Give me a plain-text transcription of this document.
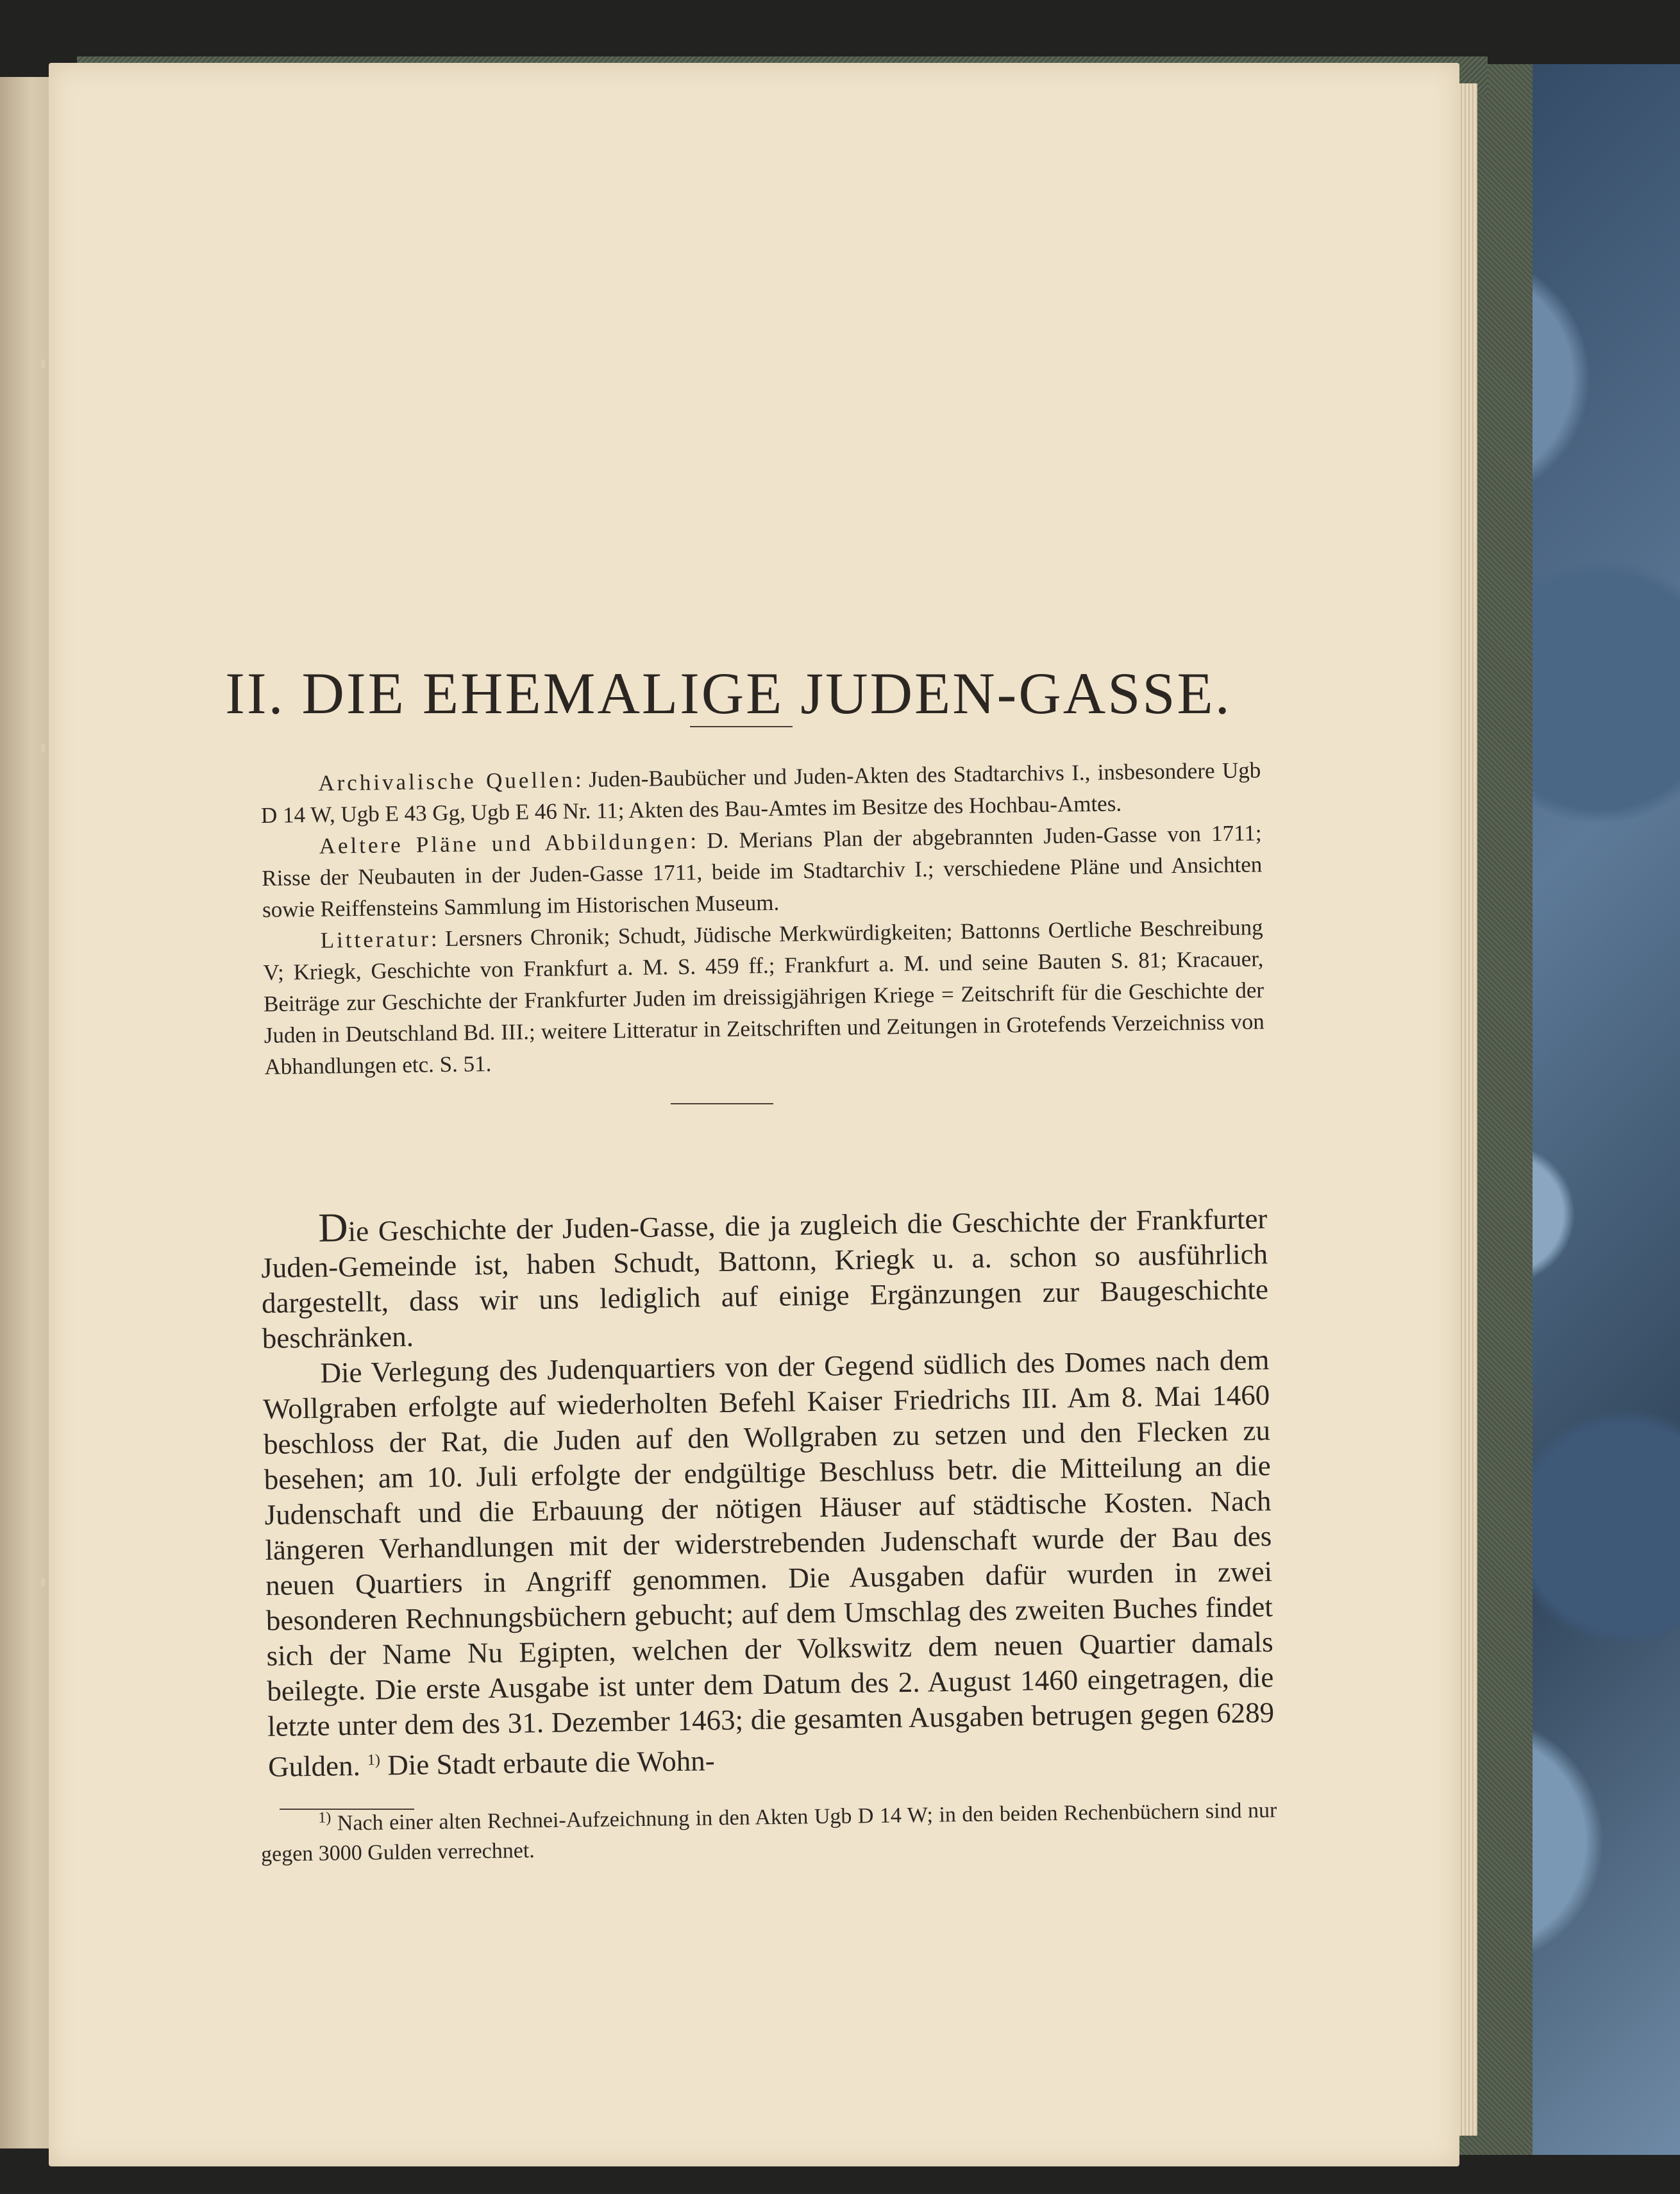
II. DIE EHEMALIGE JUDEN-GASSE.

Archivalische Quellen: Juden-Baubücher und Juden-Akten des Stadtarchivs I., insbesondere Ugb D 14 W, Ugb E 43 Gg, Ugb E 46 Nr. 11; Akten des Bau-Amtes im Besitze des Hochbau-Amtes.

Aeltere Pläne und Abbildungen: D. Merians Plan der abgebrannten Juden-Gasse von 1711; Risse der Neubauten in der Juden-Gasse 1711, beide im Stadtarchiv I.; verschiedene Pläne und Ansichten sowie Reiffensteins Sammlung im Historischen Museum.

Litteratur: Lersners Chronik; Schudt, Jüdische Merkwürdigkeiten; Battonns Oertliche Beschreibung V; Kriegk, Geschichte von Frankfurt a. M. S. 459 ff.; Frankfurt a. M. und seine Bauten S. 81; Kracauer, Beiträge zur Geschichte der Frankfurter Juden im dreissigjährigen Kriege = Zeitschrift für die Geschichte der Juden in Deutschland Bd. III.; weitere Litteratur in Zeitschriften und Zeitungen in Grotefends Verzeichniss von Abhandlungen etc. S. 51.

Die Geschichte der Juden-Gasse, die ja zugleich die Geschichte der Frankfurter Juden-Gemeinde ist, haben Schudt, Battonn, Kriegk u. a. schon so ausführlich dargestellt, dass wir uns lediglich auf einige Ergänzungen zur Baugeschichte beschränken.

Die Verlegung des Judenquartiers von der Gegend südlich des Domes nach dem Wollgraben erfolgte auf wiederholten Befehl Kaiser Friedrichs III. Am 8. Mai 1460 beschloss der Rat, die Juden auf den Wollgraben zu setzen und den Flecken zu besehen; am 10. Juli erfolgte der endgültige Beschluss betr. die Mitteilung an die Judenschaft und die Erbauung der nötigen Häuser auf städtische Kosten. Nach längeren Verhandlungen mit der widerstrebenden Judenschaft wurde der Bau des neuen Quartiers in Angriff genommen. Die Ausgaben dafür wurden in zwei besonderen Rechnungsbüchern gebucht; auf dem Umschlag des zweiten Buches findet sich der Name Nu Egipten, welchen der Volkswitz dem neuen Quartier damals beilegte. Die erste Ausgabe ist unter dem Datum des 2. August 1460 eingetragen, die letzte unter dem des 31. Dezember 1463; die gesamten Ausgaben betrugen gegen 6289 Gulden. $^{1)}$ Die Stadt erbaute die Wohn-

$^{1)}$ Nach einer alten Rechnei-Aufzeichnung in den Akten Ugb D 14 W; in den beiden Rechenbüchern sind nur gegen 3000 Gulden verrechnet.
